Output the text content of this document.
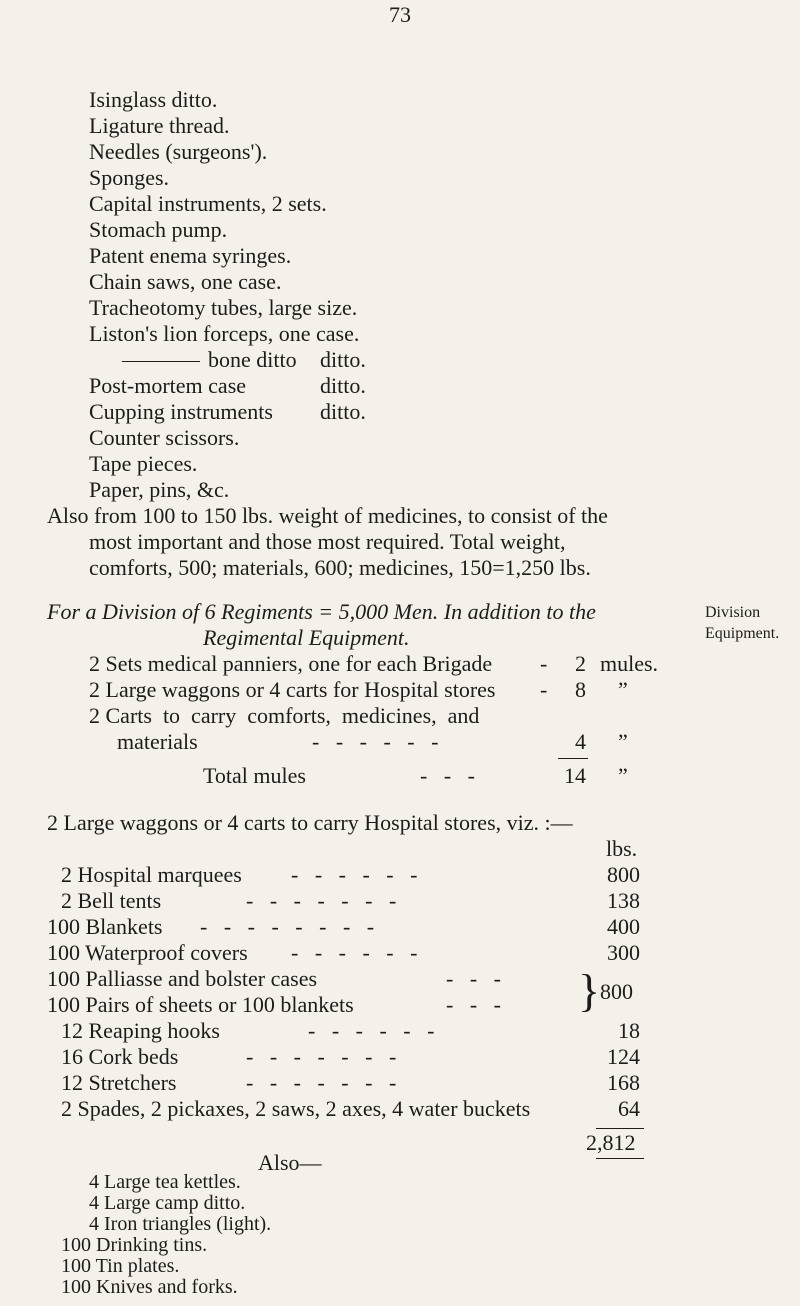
73
Isinglass ditto.
Ligature thread.
Needles (surgeons').
Sponges.
Capital instruments, 2 sets.
Stomach pump.
Patent enema syringes.
Chain saws, one case.
Tracheotomy tubes, large size.
Liston's lion forceps, one case.
bone ditto ditto.
Post-mortem case	ditto.
Cupping instruments ditto.
Counter scissors.
Tape pieces.
Paper, pins, &c.
Also from 100 to 150 lbs. weight of medicines, to consist of the
most important and those most required. Total weight,
comforts, 500; materials, 600; medicines, 150=1,250 lbs.
For a Division of 6 Regiments = 5,000 Men. In addition to the
Regimental Equipment.
Division
Equipment.
2 Sets medical panniers, one for each Brigade -	2 mules.
2 Large waggons or 4 carts for Hospital stores -	8 ”
2 Carts  to  carry  comforts,  medicines,  and
materials	-   -   -   -   -   -	4 ”
Total mules	-   -   -	14 ”
2 Large waggons or 4 carts to carry Hospital stores, viz. :—
lbs.
2 Hospital marquees -   -   -   -   -   -	800
2 Bell tents	-   -   -   -   -   -   -	138
100 Blankets -   -   -   -   -   -   -   -	400
100 Waterproof covers -   -   -   -   -   -	300
100 Palliasse and bolster cases	-   -   -
100 Pairs of sheets or 100 blankets	-   -   - } 800
12 Reaping hooks	-   -   -   -   -   -	18
16 Cork beds	-   -   -   -   -   -   -	124
12 Stretchers	-   -   -   -   -   -   -	168
2 Spades, 2 pickaxes, 2 saws, 2 axes, 4 water buckets	64
2,812
Also—
4 Large tea kettles.
4 Large camp ditto.
4 Iron triangles (light).
100 Drinking tins.
100 Tin plates.
100 Knives and forks.
